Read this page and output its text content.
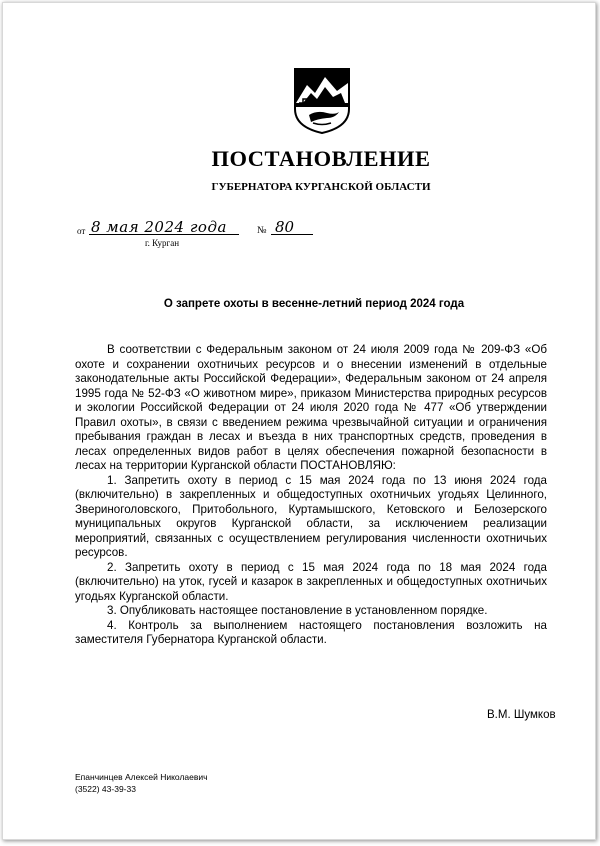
ПОСТАНОВЛЕНИЕ
ГУБЕРНАТОРА КУРГАНСКОЙ ОБЛАСТИ
от 8 мая 2024 года	№ 80
г. Курган
О запрете охоты в весенне-летний период 2024 года

В соответствии с Федеральным законом от 24 июля 2009 года № 209-ФЗ «Об охоте и сохранении охотничьих ресурсов и о внесении изменений в отдельные законодательные акты Российской Федерации», Федеральным законом от 24 апреля 1995 года № 52-ФЗ «О животном мире», приказом Министерства природных ресурсов и экологии Российской Федерации от 24 июля 2020 года № 477 «Об утверждении Правил охоты», в связи с введением режима чрезвычайной ситуации и ограничения пребывания граждан в лесах и въезда в них транспортных средств, проведения в лесах определенных видов работ в целях обеспечения пожарной безопасности в лесах на территории Курганской области ПОСТАНОВЛЯЮ:

1. Запретить охоту в период с 15 мая 2024 года по 13 июня 2024 года (включительно) в закрепленных и общедоступных охотничьих угодьях Целинного, Звериноголовского, Притобольного, Куртамышского, Кетовского и Белозерского муниципальных округов Курганской области, за исключением реализации мероприятий, связанных с осуществлением регулирования численности охотничьих ресурсов.

2. Запретить охоту в период с 15 мая 2024 года по 18 мая 2024 года (включительно) на уток, гусей и казарок в закрепленных и общедоступных охотничьих угодьях Курганской области.

3. Опубликовать настоящее постановление в установленном порядке.

4. Контроль за выполнением настоящего постановления возложить на заместителя Губернатора Курганской области.

В.М. Шумков
Епанчинцев Алексей Николаевич
(3522) 43-39-33
